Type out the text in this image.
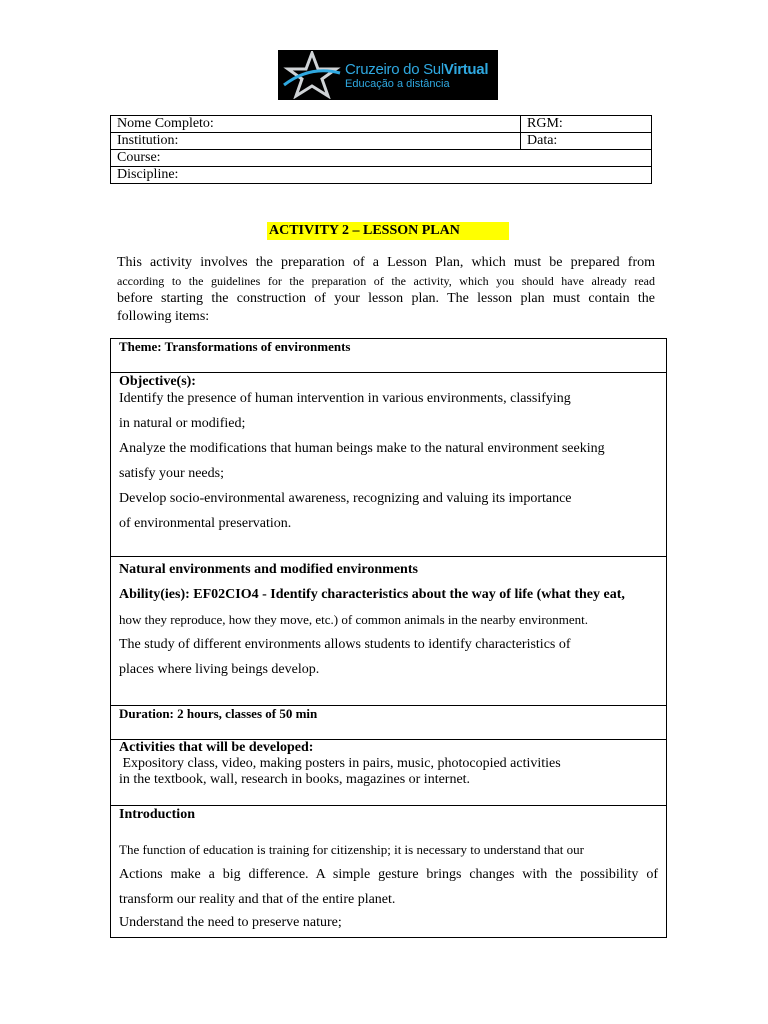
Cruzeiro do SulVirtual
Educação a distância
Nome Completo:	RGM:
Institution:	Data:
Course:	
Discipline:	
ACTIVITY 2 – LESSON PLAN
This activity involves the preparation of a Lesson Plan, which must be prepared from
according to the guidelines for the preparation of the activity, which you should have already read
before starting the construction of your lesson plan. The lesson plan must contain the
following items:
Theme: Transformations of environments
Objective(s):
Identify the presence of human intervention in various environments, classifying
in natural or modified;
Analyze the modifications that human beings make to the natural environment seeking
satisfy your needs;
Develop socio-environmental awareness, recognizing and valuing its importance
of environmental preservation.
Natural environments and modified environments
Ability(ies): EF02CIO4 - Identify characteristics about the way of life (what they eat,
how they reproduce, how they move, etc.) of common animals in the nearby environment.
The study of different environments allows students to identify characteristics of
places where living beings develop.
Duration: 2 hours, classes of 50 min
Activities that will be developed:
Expository class, video, making posters in pairs, music, photocopied activities
in the textbook, wall, research in books, magazines or internet.
Introduction
The function of education is training for citizenship; it is necessary to understand that our
Actions make a big difference. A simple gesture brings changes with the possibility of
transform our reality and that of the entire planet.
Understand the need to preserve nature;
